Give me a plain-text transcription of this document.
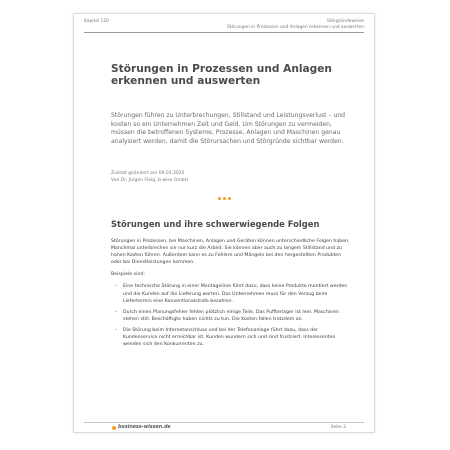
Kapitel 120	Störgründeweise
Störungen in Prozessen und Anlagen erkennen und auswerten
Störungen in Prozessen und Anlagen erkennen und auswerten

Störungen führen zu Unterbrechungen, Stillstand und Leistungsverlust – und kosten so ein Unternehmen Zeit und Geld. Um Störungen zu vermeiden, müssen die betroffenen Systeme, Prozesse, Anlagen und Maschinen genau analysiert werden, damit die Störursachen und Störgründe sichtbar werden.

Zuletzt geändert am 09.01.2025
Von Dr. Jürgen Fleig, b-wise GmbH
Störungen und ihre schwerwiegende Folgen

Störungen in Prozessen, bei Maschinen, Anlagen und Geräten können unterschiedliche Folgen haben. Manchmal unterbrechen sie nur kurz die Arbeit. Sie können aber auch zu langem Stillstand und zu hohen Kosten führen. Außerdem kann es zu Fehlern und Mängeln bei den hergestellten Produkten oder bei Dienstleistungen kommen.

Beispiele sind:

– Eine technische Störung in einer Montagelinie führt dazu, dass keine Produkte montiert werden und die Kunden auf die Lieferung warten. Das Unternehmen muss für den Verzug beim Liefertermin eine Konventionalstrafe bezahlen.
– Durch einen Planungsfehler fehlen plötzlich einige Teile. Das Puffterlager ist leer. Maschinen stehen still, Beschäftigte haben nichts zu tun. Die Kosten fallen trotzdem an.
– Die Störung beim Internetanschluss und bei der Telefonanlage führt dazu, dass der Kundenservice nicht erreichbar ist. Kunden wundern sich und sind frustriert. Interessenten wenden sich den Konkurrenten zu.
business-wissen.de	Seite 2
